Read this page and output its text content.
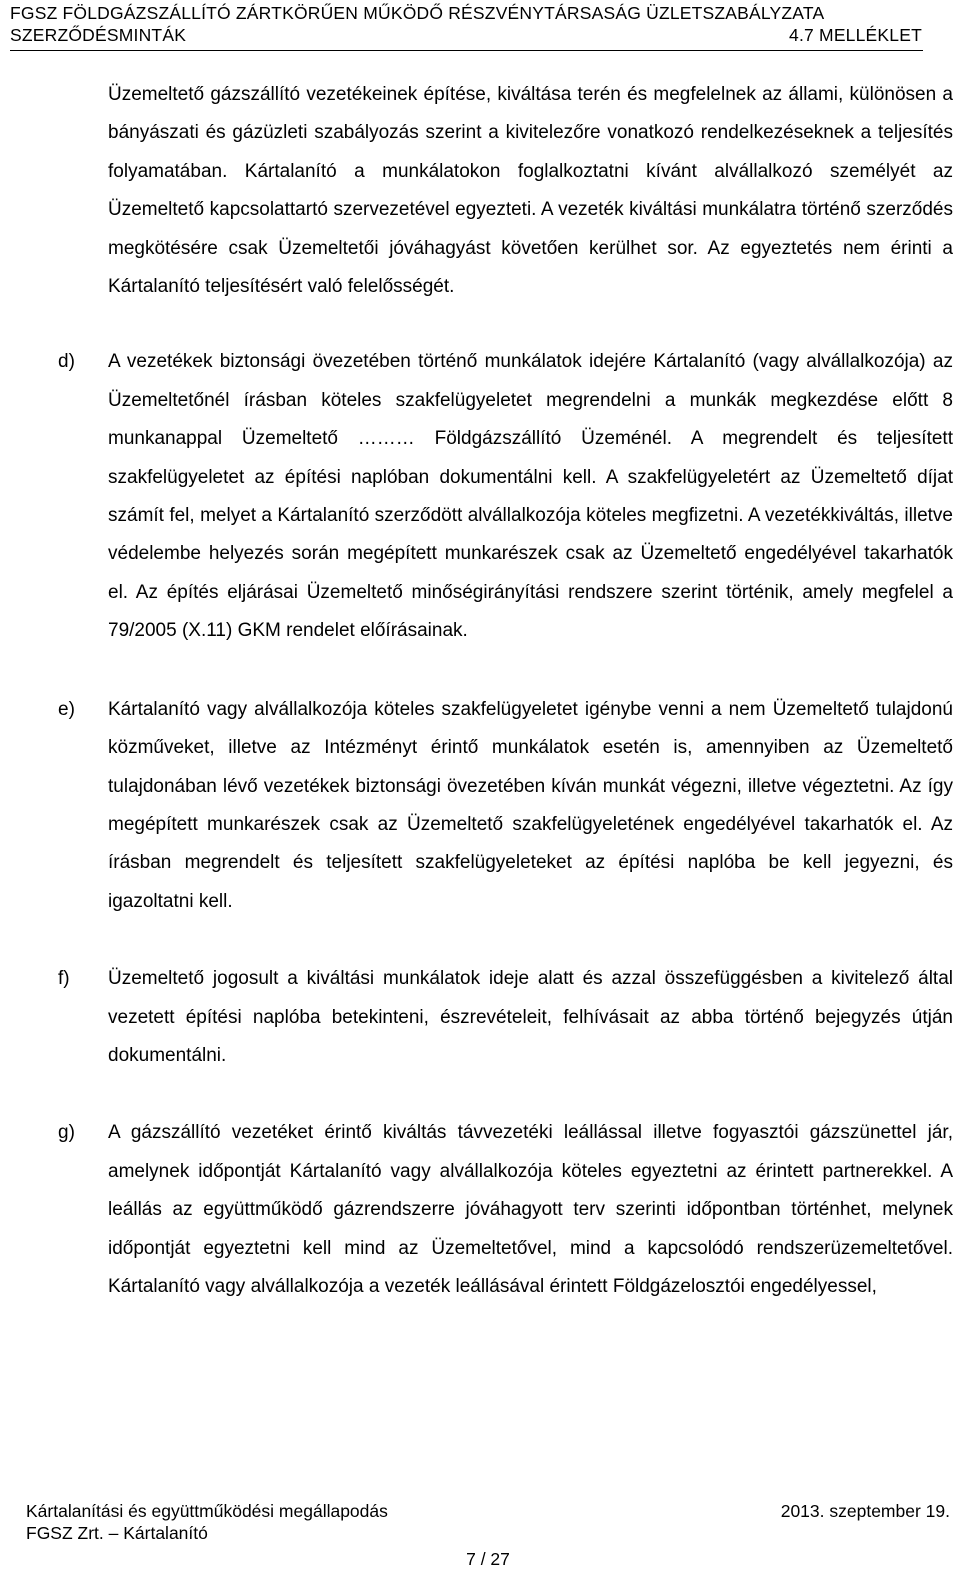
FGSZ FÖLDGÁZSZÁLLÍTÓ ZÁRTKÖRŰEN MŰKÖDŐ RÉSZVÉNYTÁRSASÁG ÜZLETSZABÁLYZATA
SZERZŐDÉSMINTÁK	4.7 MELLÉKLET
Üzemeltető gázszállító vezetékeinek építése, kiváltása terén és megfelelnek az állami, különösen a bányászati és gázüzleti szabályozás szerint a kivitelezőre vonatkozó rendelkezéseknek a teljesítés folyamatában. Kártalanító a munkálatokon foglalkoztatni kívánt alvállalkozó személyét az Üzemeltető kapcsolattartó szervezetével egyezteti. A vezeték kiváltási munkálatra történő szerződés megkötésére csak Üzemeltetői jóváhagyást követően kerülhet sor. Az egyeztetés nem érinti a Kártalanító teljesítésért való felelősségét.
d)	A vezetékek biztonsági övezetében történő munkálatok idejére Kártalanító (vagy alvállalkozója) az Üzemeltetőnél írásban köteles szakfelügyeletet megrendelni a munkák megkezdése előtt 8 munkanappal Üzemeltető ……… Földgázszállító Üzeménél. A megrendelt és teljesített szakfelügyeletet az építési naplóban dokumentálni kell. A szakfelügyeletért az Üzemeltető díjat számít fel, melyet a Kártalanító szerződött alvállalkozója köteles megfizetni. A vezetékkiváltás, illetve védelembe helyezés során megépített munkarészek csak az Üzemeltető engedélyével takarhatók el. Az építés eljárásai Üzemeltető minőségirányítási rendszere szerint történik, amely megfelel a 79/2005 (X.11) GKM rendelet előírásainak.
e)	Kártalanító vagy alvállalkozója köteles szakfelügyeletet igénybe venni a nem Üzemeltető tulajdonú közműveket, illetve az Intézményt érintő munkálatok esetén is, amennyiben az Üzemeltető tulajdonában lévő vezetékek biztonsági övezetében kíván munkát végezni, illetve végeztetni. Az így megépített munkarészek csak az Üzemeltető szakfelügyeletének engedélyével takarhatók el. Az írásban megrendelt és teljesített szakfelügyeleteket az építési naplóba be kell jegyezni, és igazoltatni kell.
f)	Üzemeltető jogosult a kiváltási munkálatok ideje alatt és azzal összefüggésben a kivitelező által vezetett építési naplóba betekinteni, észrevételeit, felhívásait az abba történő bejegyzés útján dokumentálni.
g)	A gázszállító vezetéket érintő kiváltás távvezetéki leállással illetve fogyasztói gázszünettel jár, amelynek időpontját Kártalanító vagy alvállalkozója köteles egyeztetni az érintett partnerekkel. A leállás az együttműködő gázrendszerre jóváhagyott terv szerinti időpontban történhet, melynek időpontját egyeztetni kell mind az Üzemeltetővel, mind a kapcsolódó rendszerüzemeltetővel. Kártalanító vagy alvállalkozója a vezeték leállásával érintett Földgázelosztói engedélyessel,
Kártalanítási és együttműködési megállapodás	2013. szeptember 19.
FGSZ Zrt. – Kártalanító
7 / 27
